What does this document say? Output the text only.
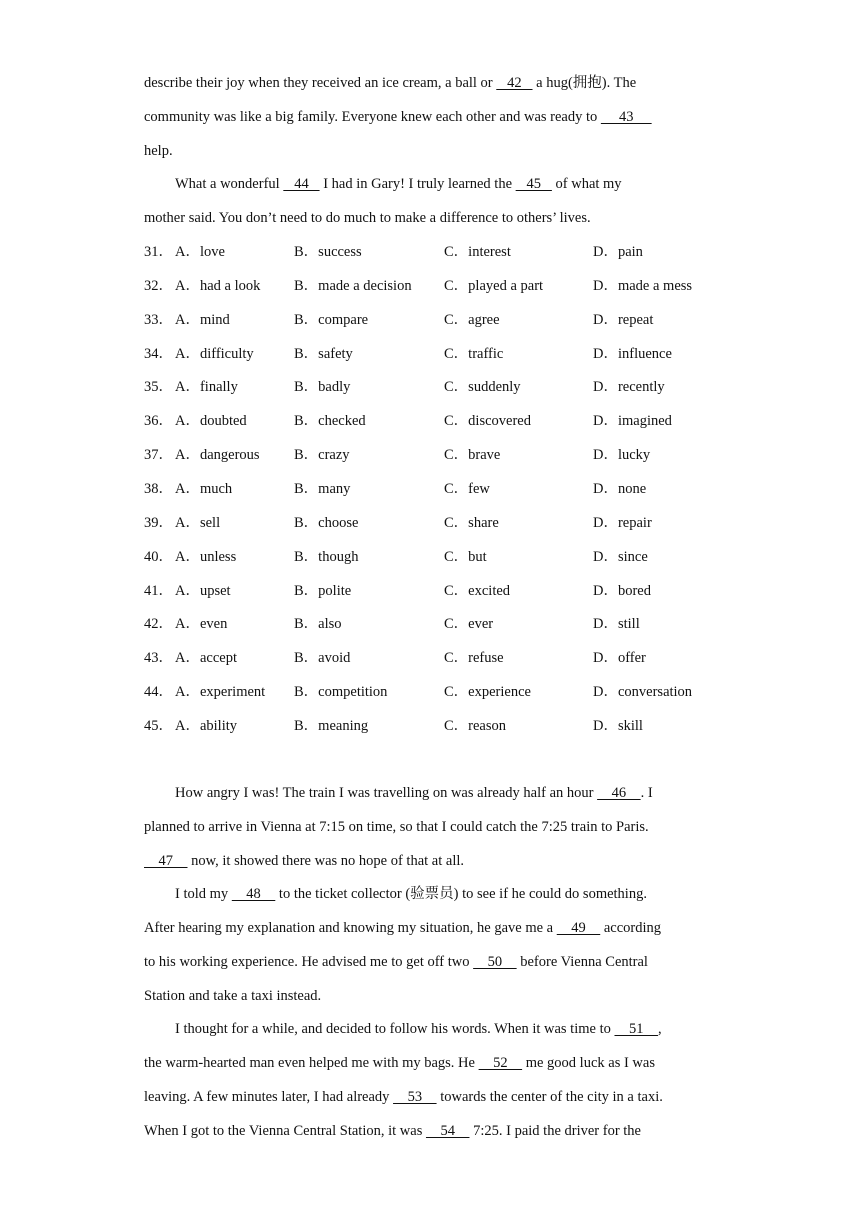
describe their joy when they received an ice cream, a ball or    42    a hug(拥抱). The
community was like a big family. Everyone knew each other and was ready to      43
help.
What a wonderful    44    I had in Gary! I truly learned the    45    of what my
mother said. You don’t need to do much to make a difference to others’ lives.
31． A．love	B．success	C．interest	D．pain
32． A．had a look B．made a decision C．played a part	D．made a mess
33． A．mind	B．compare	C．agree	D．repeat
34． A．difficulty	B．safety	C．traffic	D．influence
35． A．finally	B．badly	C．suddenly	D．recently
36． A．doubted	B．checked	C．discovered	D．imagined
37． A．dangerous B．crazy	C．brave	D．lucky
38． A．much	B．many	C．few	D．none
39． A．sell	B．choose	C．share	D．repair
40． A．unless	B．though	C．but	D．since
41． A．upset	B．polite	C．excited	D．bored
42． A．even	B．also	C．ever	D．still
43． A．accept	B．avoid	C．refuse	D．offer
44． A．experiment B．competition	C．experience	D．conversation
45． A．ability	B．meaning	C．reason	D．skill
How angry I was! The train I was travelling on was already half an hour     46    . I
planned to arrive in Vienna at 7:15 on time, so that I could catch the 7:25 train to Paris.
47     now, it showed there was no hope of that at all.
I told my     48     to the ticket collector (验票员) to see if he could do something.
After hearing my explanation and knowing my situation, he gave me a     49     according
to his working experience. He advised me to get off two     50     before Vienna Central
Station and take a taxi instead.
I thought for a while, and decided to follow his words. When it was time to     51    ,
the warm-hearted man even helped me with my bags. He     52     me good luck as I was
leaving. A few minutes later, I had already     53     towards the center of the city in a taxi.
When I got to the Vienna Central Station, it was     54     7:25. I paid the driver for the
